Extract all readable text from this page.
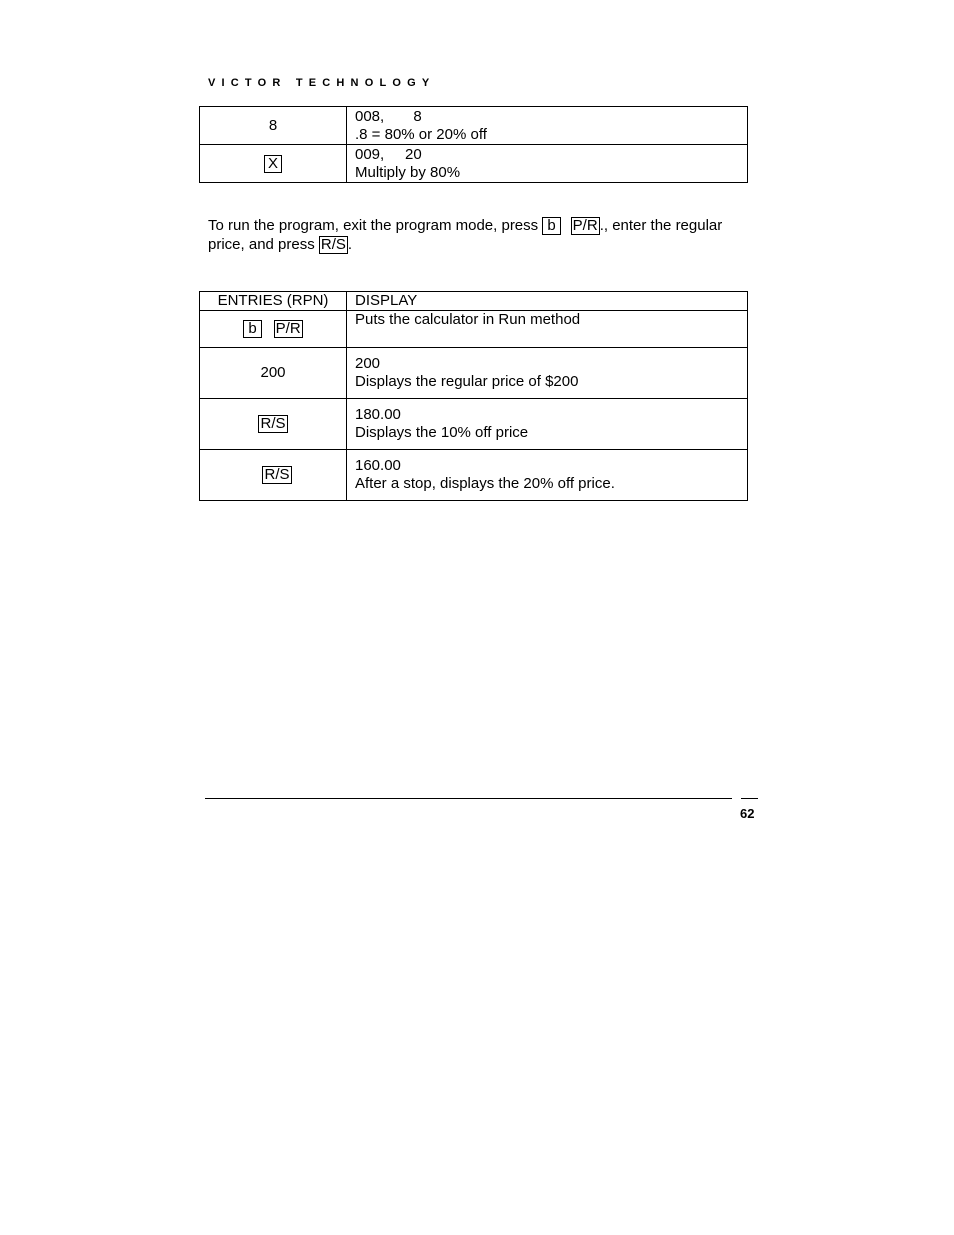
VICTOR TECHNOLOGY
8	008,       8
.8 = 80% or 20% off

X	009,     20
Multiply by 80%
To run the program, exit the program mode, press b P/R ., enter the regular price, and press R/S .
ENTRIES (RPN)	DISPLAY
b P/R	Puts the calculator in Run method

200	200
Displays the regular price of $200

R/S	180.00
Displays the 10% off price

R/S	160.00
After a stop, displays the 20% off price.
62
